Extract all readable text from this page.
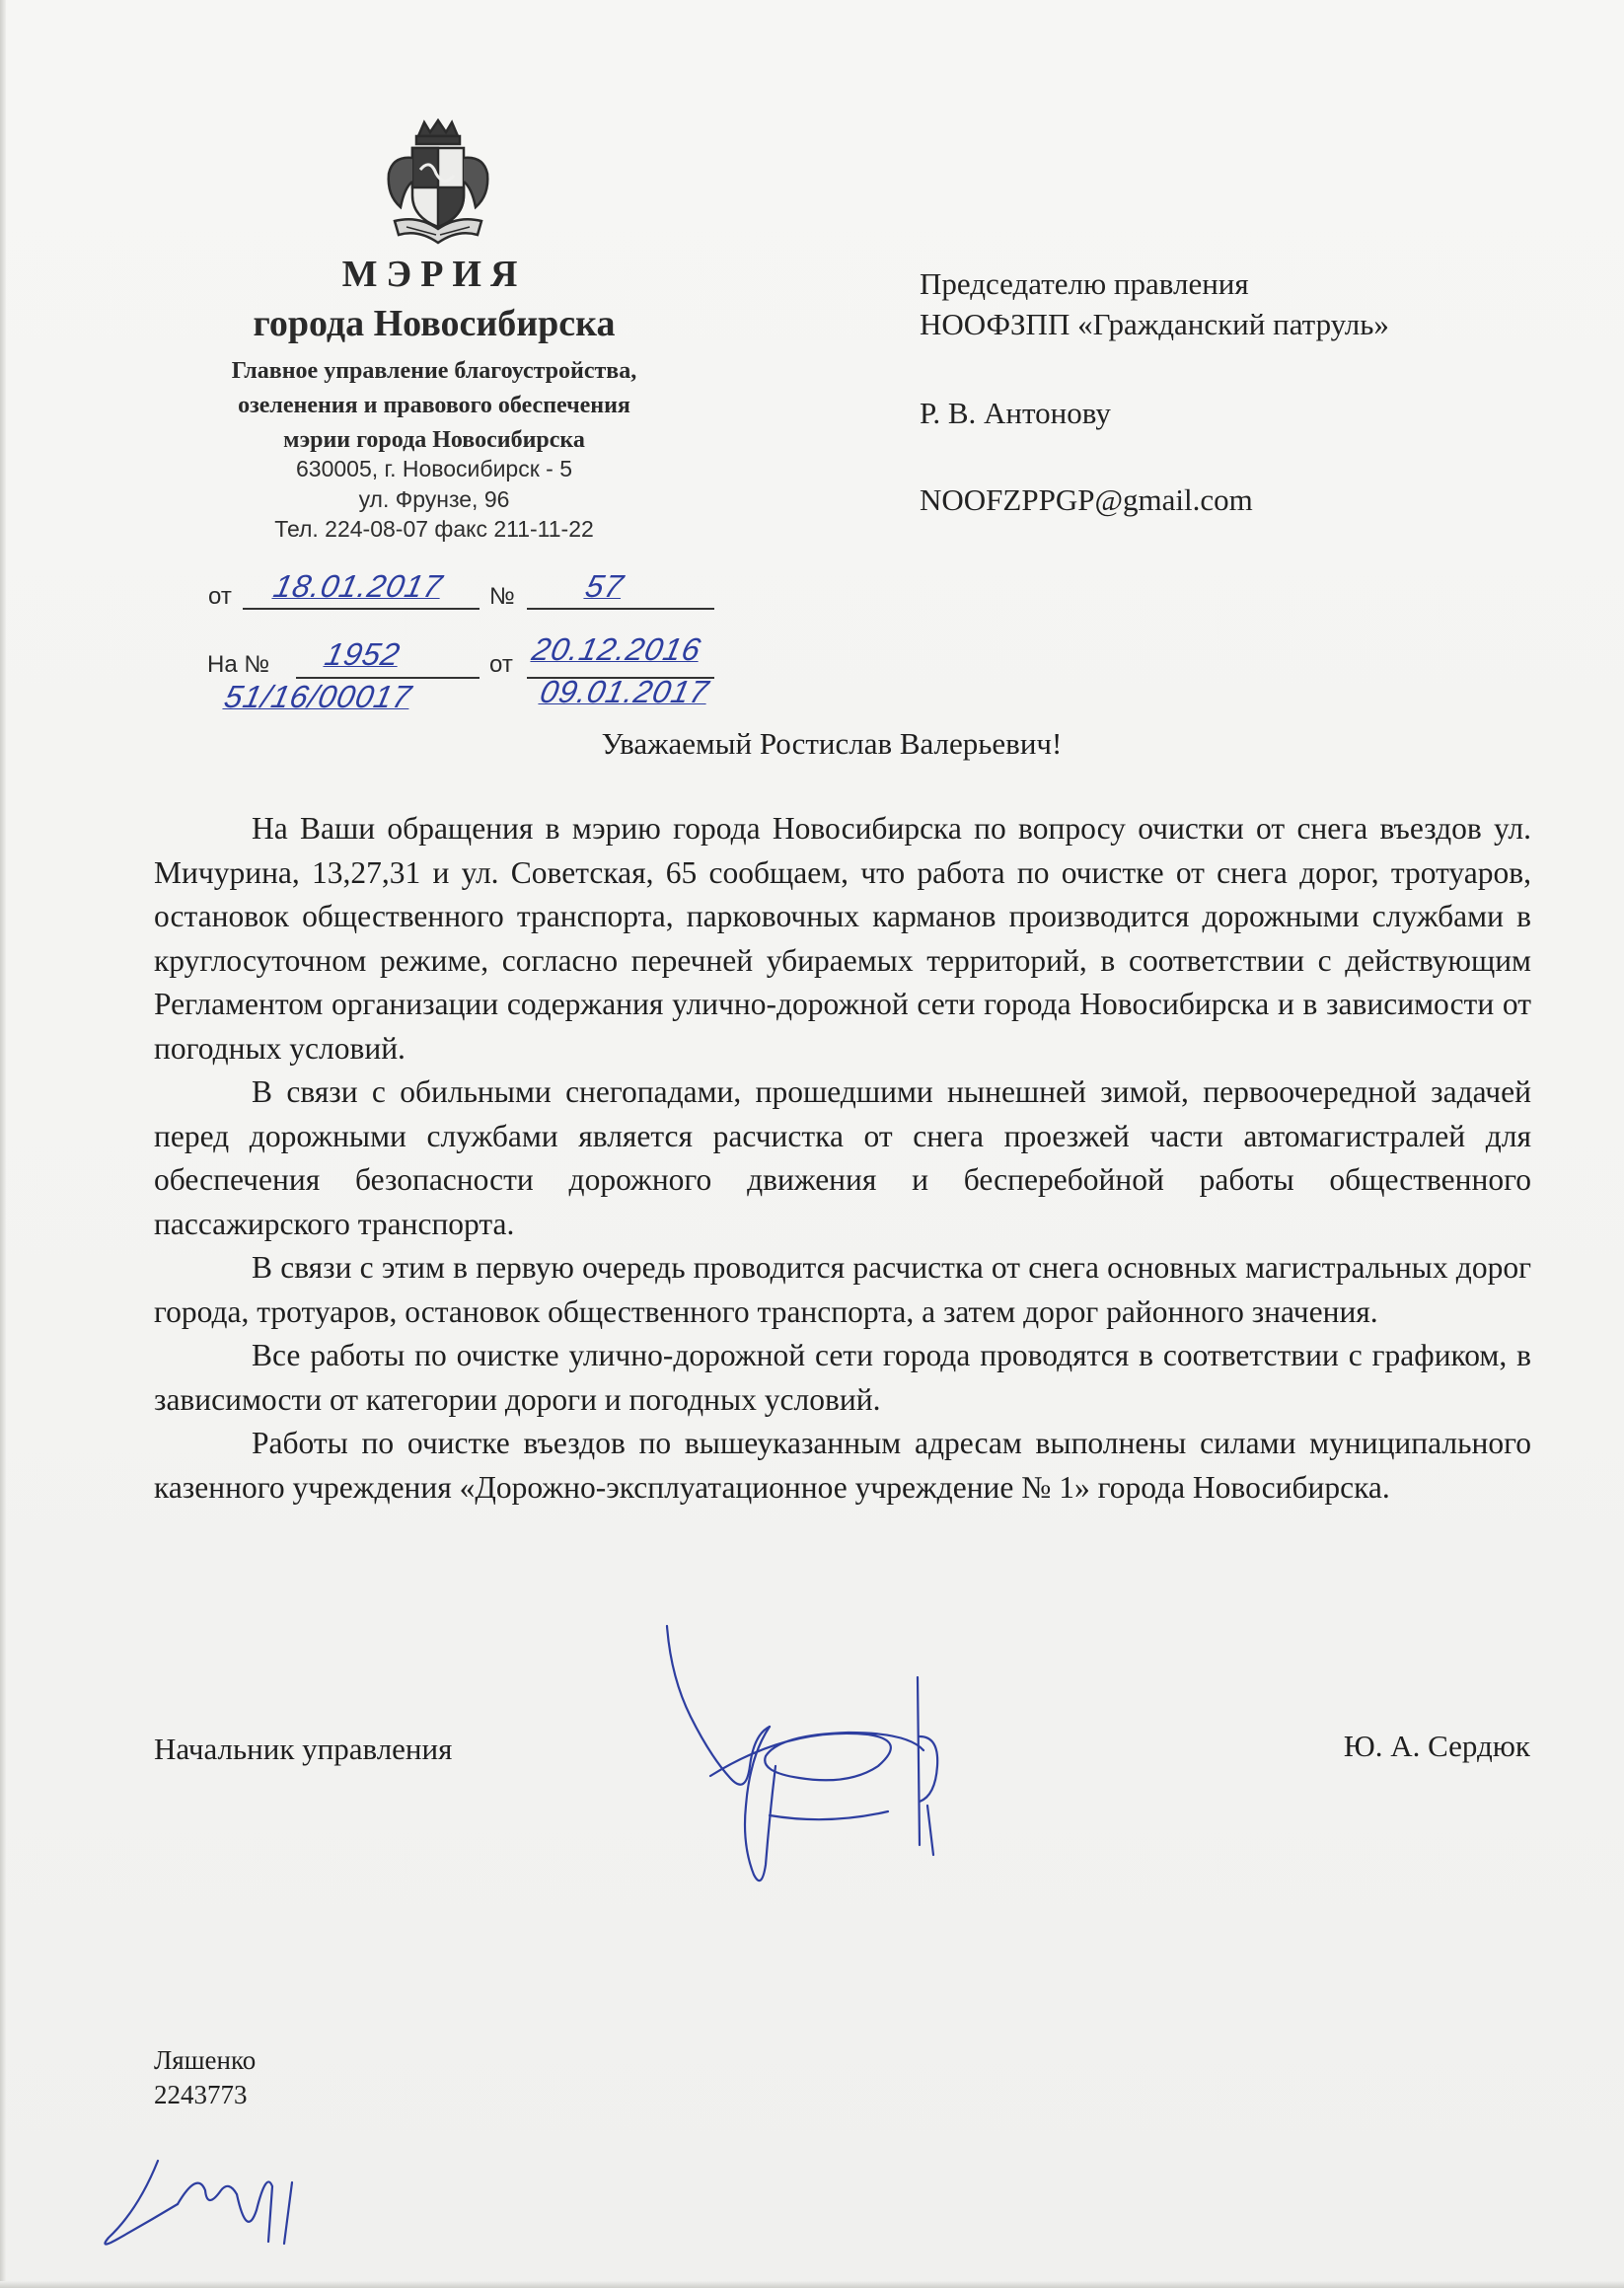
МЭРИЯ
города Новосибирска
Главное управление благоустройства,
озеленения и правового обеспечения
мэрии города Новосибирска
630005, г. Новосибирск - 5
ул. Фрунзе, 96
Тел. 224-08-07 факс 211-11-22
от 18.01.2017 № 57
На № 1952
51/16/00017
от 20.12.2016
09.01.2017
Председателю правления
НООФЗПП «Гражданский патруль»
Р. В. Антонову
NOOFZPPGP@gmail.com
Уважаемый Ростислав Валерьевич!

На Ваши обращения в мэрию города Новосибирска по вопросу очистки от снега въездов ул. Мичурина, 13,27,31 и ул. Советская, 65 сообщаем, что работа по очистке от снега дорог, тротуаров, остановок общественного транспорта, парковочных карманов производится дорожными службами в круглосуточном режиме, согласно перечней убираемых территорий, в соответствии с действующим Регламентом организации содержания улично-дорожной сети города Новосибирска и в зависимости от погодных условий.

В связи с обильными снегопадами, прошедшими нынешней зимой, первоочередной задачей перед дорожными службами является расчистка от снега проезжей части автомагистралей для обеспечения безопасности дорожного движения и бесперебойной работы общественного пассажирского транспорта.

В связи с этим в первую очередь проводится расчистка от снега основных магистральных дорог города, тротуаров, остановок общественного транспорта, а затем дорог районного значения.

Все работы по очистке улично-дорожной сети города проводятся в соответствии с графиком, в зависимости от категории дороги и погодных условий.

Работы по очистке въездов по вышеуказанным адресам выполнены силами муниципального казенного учреждения «Дорожно-эксплуатационное учреждение № 1» города Новосибирска.

Начальник управления	Ю. А. Сердюк
Ляшенко
2243773
